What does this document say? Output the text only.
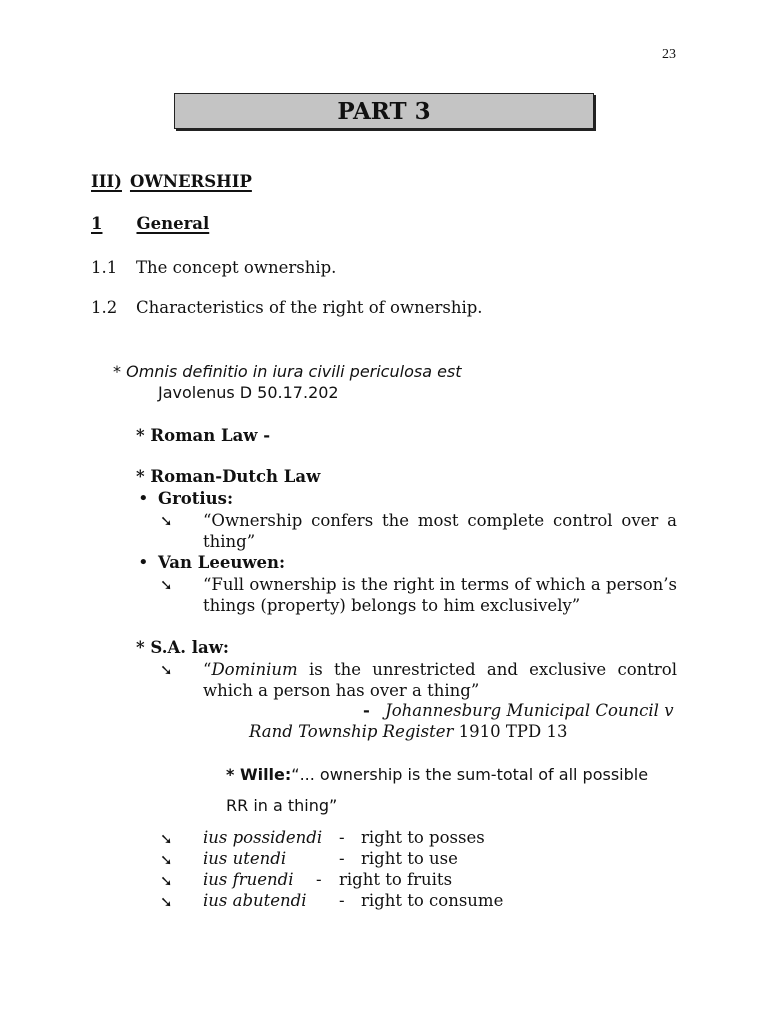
23
PART 3
III) OWNERSHIP
1 General
1.1 The concept ownership.
1.2 Characteristics of the right of ownership.
* Omnis definitio in iura civili periculosa est
Javolenus D 50.17.202
* Roman Law -
* Roman-Dutch Law
• Grotius:
➘ “Ownership confers the most complete control over a thing”
• Van Leeuwen:
➘ “Full ownership is the right in terms of which a person’s things (property) belongs to him exclusively”
* S.A. law:
➘ “Dominium is the unrestricted and exclusive control which a person has over a thing”
- Johannesburg Municipal Council v
Rand Township Register 1910 TPD 13
* Wille:“... ownership is the sum-total of all possible
RR in a thing”
➘ ius possidendi - right to posses
➘ ius utendi	- right to use
➘ ius fruendi - right to fruits
➘ ius abutendi - right to consume
